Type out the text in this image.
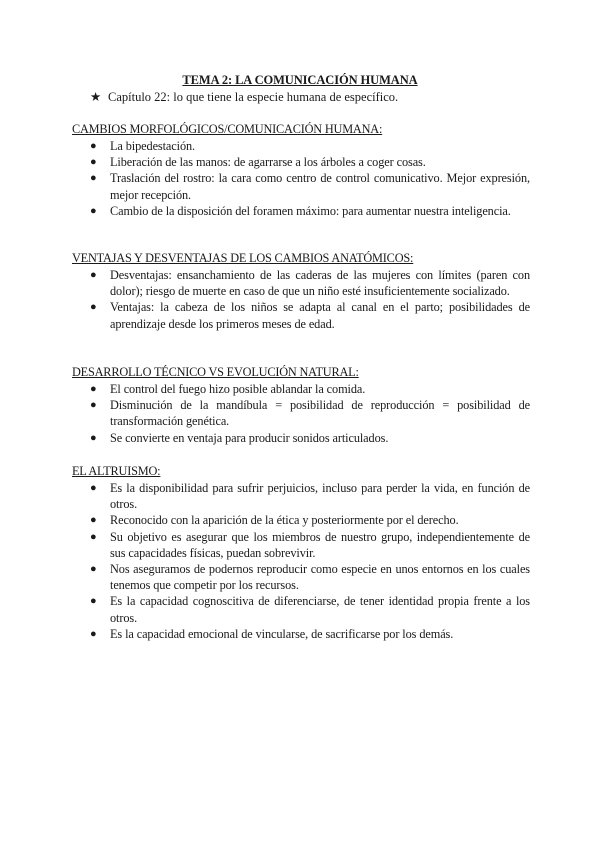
TEMA 2: LA COMUNICACIÓN HUMANA
★ Capítulo 22: lo que tiene la especie humana de específico.
CAMBIOS MORFOLÓGICOS/COMUNICACIÓN HUMANA:
● La bipedestación.
● Liberación de las manos: de agarrarse a los árboles a coger cosas.
● Traslación del rostro: la cara como centro de control comunicativo. Mejor expresión, mejor recepción.
● Cambio de la disposición del foramen máximo: para aumentar nuestra inteligencia.
VENTAJAS Y DESVENTAJAS DE LOS CAMBIOS ANATÓMICOS:
● Desventajas: ensanchamiento de las caderas de las mujeres con límites (paren con dolor); riesgo de muerte en caso de que un niño esté insuficientemente socializado.
● Ventajas: la cabeza de los niños se adapta al canal en el parto; posibilidades de aprendizaje desde los primeros meses de edad.
DESARROLLO TÉCNICO VS EVOLUCIÓN NATURAL:
● El control del fuego hizo posible ablandar la comida.
● Disminución de la mandíbula = posibilidad de reproducción = posibilidad de transformación genética.
● Se convierte en ventaja para producir sonidos articulados.
EL ALTRUISMO:
● Es la disponibilidad para sufrir perjuicios, incluso para perder la vida, en función de otros.
● Reconocido con la aparición de la ética y posteriormente por el derecho.
● Su objetivo es asegurar que los miembros de nuestro grupo, independientemente de sus capacidades físicas, puedan sobrevivir.
● Nos aseguramos de podernos reproducir como especie en unos entornos en los cuales tenemos que competir por los recursos.
● Es la capacidad cognoscitiva de diferenciarse, de tener identidad propia frente a los otros.
● Es la capacidad emocional de vincularse, de sacrificarse por los demás.
